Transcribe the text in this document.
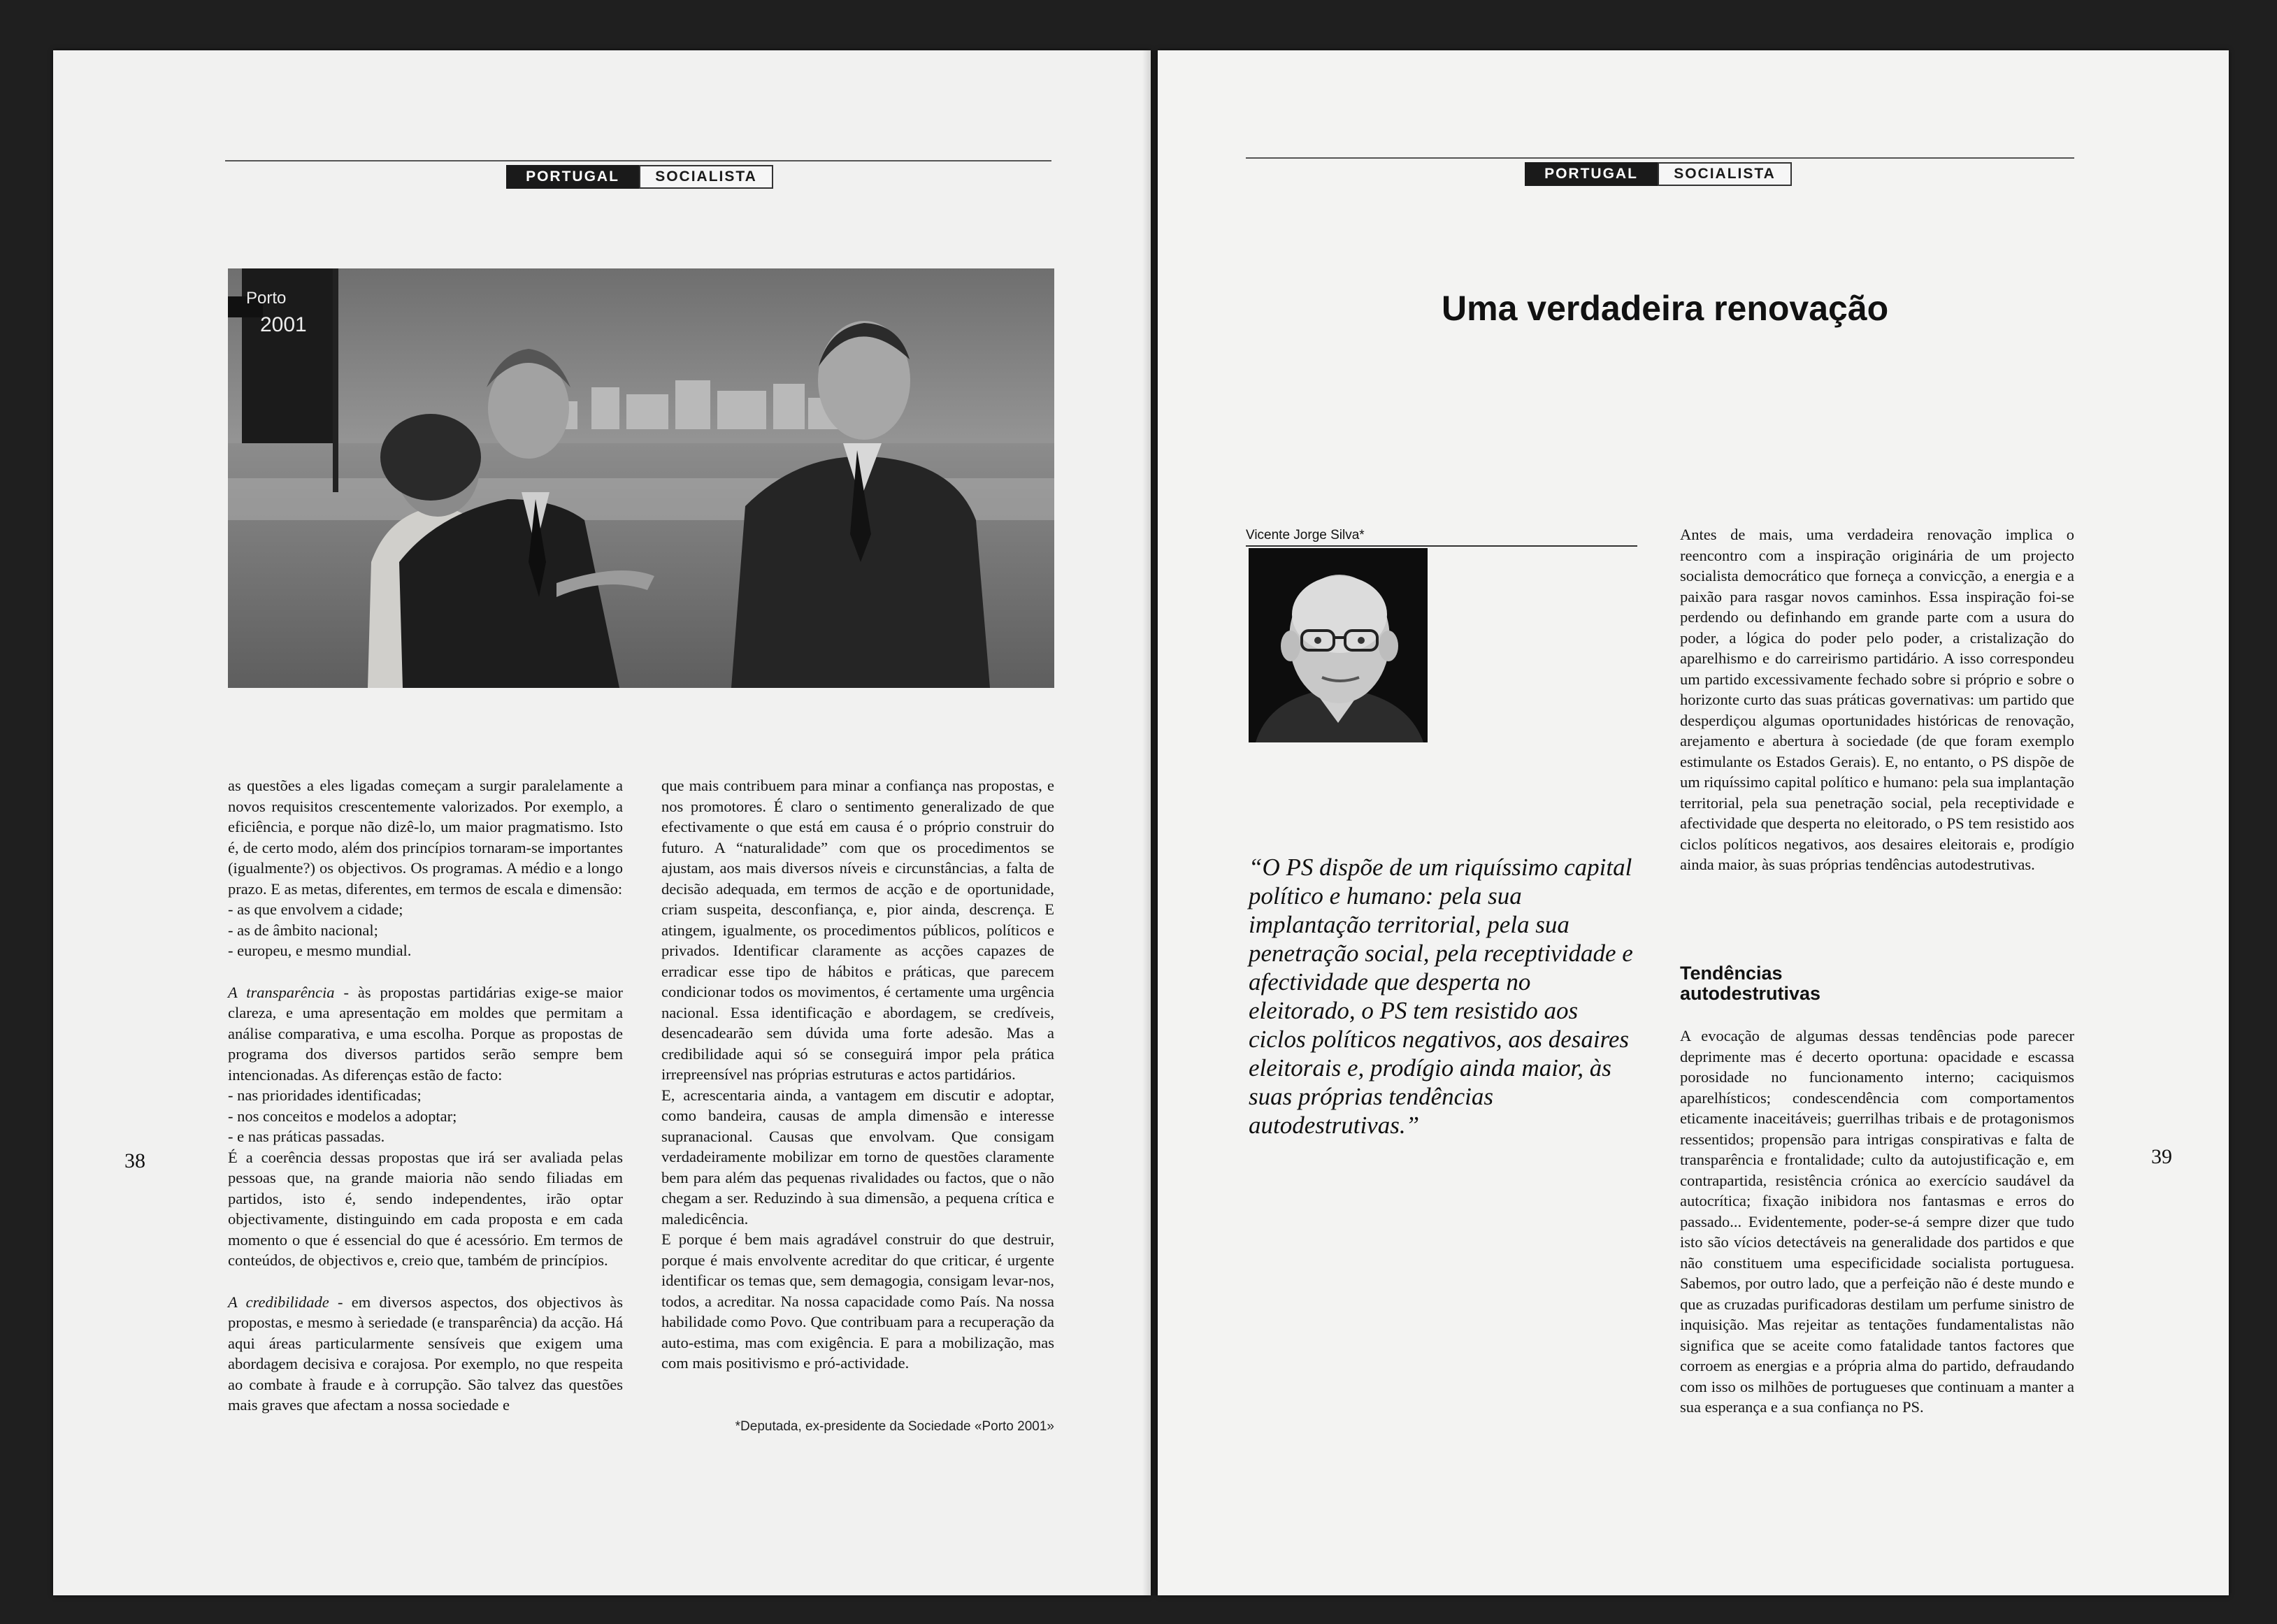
PORTUGAL	SOCIALISTA
Porto
2001

as questões a eles ligadas começam a surgir paralelamente a novos requisitos crescentemente valorizados. Por exemplo, a eficiência, e porque não dizê-lo, um maior pragmatismo. Isto é, de certo modo, além dos princípios tornaram-se importantes (igualmente?) os objectivos. Os programas. A médio e a longo prazo. E as metas, diferentes, em termos de escala e dimensão:

- as que envolvem a cidade;

- as de âmbito nacional;

- europeu, e mesmo mundial.

A transparência - às propostas partidárias exige-se maior clareza, e uma apresentação em moldes que permitam a análise comparativa, e uma escolha. Porque as propostas de programa dos diversos partidos serão sempre bem intencionadas. As diferenças estão de facto:

- nas prioridades identificadas;

- nos conceitos e modelos a adoptar;

- e nas práticas passadas.

É a coerência dessas propostas que irá ser avaliada pelas pessoas que, na grande maioria não sendo filiadas em partidos, isto é, sendo independentes, irão optar objectivamente, distinguindo em cada proposta e em cada momento o que é essencial do que é acessório. Em termos de conteúdos, de objectivos e, creio que, também de princípios.

A credibilidade - em diversos aspectos, dos objectivos às propostas, e mesmo à seriedade (e transparência) da acção. Há aqui áreas particularmente sensíveis que exigem uma abordagem decisiva e corajosa. Por exemplo, no que respeita ao combate à fraude e à corrupção. São talvez das questões mais graves que afectam a nossa sociedade e

que mais contribuem para minar a confiança nas propostas, e nos promotores. É claro o sentimento generalizado de que efectivamente o que está em causa é o próprio construir do futuro. A “naturalidade” com que os procedimentos se ajustam, aos mais diversos níveis e circunstâncias, a falta de decisão adequada, em termos de acção e de oportunidade, criam suspeita, desconfiança, e, pior ainda, descrença. E atingem, igualmente, os procedimentos públicos, políticos e privados. Identificar claramente as acções capazes de erradicar esse tipo de hábitos e práticas, que parecem condicionar todos os movimentos, é certamente uma urgência nacional. Essa identificação e abordagem, se credíveis, desencadearão sem dúvida uma forte adesão. Mas a credibilidade aqui só se conseguirá impor pela prática irrepreensível nas próprias estruturas e actos partidários.

E, acrescentaria ainda, a vantagem em discutir e adoptar, como bandeira, causas de ampla dimensão e interesse supranacional. Causas que envolvam. Que consigam verdadeiramente mobilizar em torno de questões claramente bem para além das pequenas rivalidades ou factos, que o não chegam a ser. Reduzindo à sua dimensão, a pequena crítica e maledicência.

E porque é bem mais agradável construir do que destruir, porque é mais envolvente acreditar do que criticar, é urgente identificar os temas que, sem demagogia, consigam levar-nos, todos, a acreditar. Na nossa capacidade como País. Na nossa habilidade como Povo. Que contribuam para a recuperação da auto-estima, mas com exigência. E para a mobilização, mas com mais positivismo e pró-actividade.

*Deputada, ex-presidente da Sociedade «Porto 2001»
38
PORTUGAL	SOCIALISTA
Uma verdadeira renovação
Vicente Jorge Silva*
“O PS dispõe de um riquíssimo capital político e humano: pela sua implantação territorial, pela sua penetração social, pela receptividade e afectividade que desperta no eleitorado, o PS tem resistido aos ciclos políticos negativos, aos desaires eleitorais e, prodígio ainda maior, às suas próprias tendências autodestrutivas.”

Antes de mais, uma verdadeira renovação implica o reencontro com a inspiração originária de um projecto socialista democrático que forneça a convicção, a energia e a paixão para rasgar novos caminhos. Essa inspiração foi-se perdendo ou definhando em grande parte com a usura do poder, a lógica do poder pelo poder, a cristalização do aparelhismo e do carreirismo partidário. A isso correspondeu um partido excessivamente fechado sobre si próprio e sobre o horizonte curto das suas práticas governativas: um partido que desperdiçou algumas oportunidades históricas de renovação, arejamento e abertura à sociedade (de que foram exemplo estimulante os Estados Gerais). E, no entanto, o PS dispõe de um riquíssimo capital político e humano: pela sua implantação territorial, pela sua penetração social, pela receptividade e afectividade que desperta no eleitorado, o PS tem resistido aos ciclos políticos negativos, aos desaires eleitorais e, prodígio ainda maior, às suas próprias tendências autodestrutivas.

Tendências
autodestrutivas

A evocação de algumas dessas tendências pode parecer deprimente mas é decerto oportuna: opacidade e escassa porosidade no funcionamento interno; caciquismos aparelhísticos; condescendência com comportamentos eticamente inaceitáveis; guerrilhas tribais e de protagonismos ressentidos; propensão para intrigas conspirativas e falta de transparência e frontalidade; culto da autojustificação e, em contrapartida, resistência crónica ao exercício saudável da autocrítica; fixação inibidora nos fantasmas e erros do passado... Evidentemente, poder-se-á sempre dizer que tudo isto são vícios detectáveis na generalidade dos partidos e que não constituem uma especificidade socialista portuguesa. Sabemos, por outro lado, que a perfeição não é deste mundo e que as cruzadas purificadoras destilam um perfume sinistro de inquisição. Mas rejeitar as tentações fundamentalistas não significa que se aceite como fatalidade tantos factores que corroem as energias e a própria alma do partido, defraudando com isso os milhões de portugueses que continuam a manter a sua esperança e a sua confiança no PS.

39
